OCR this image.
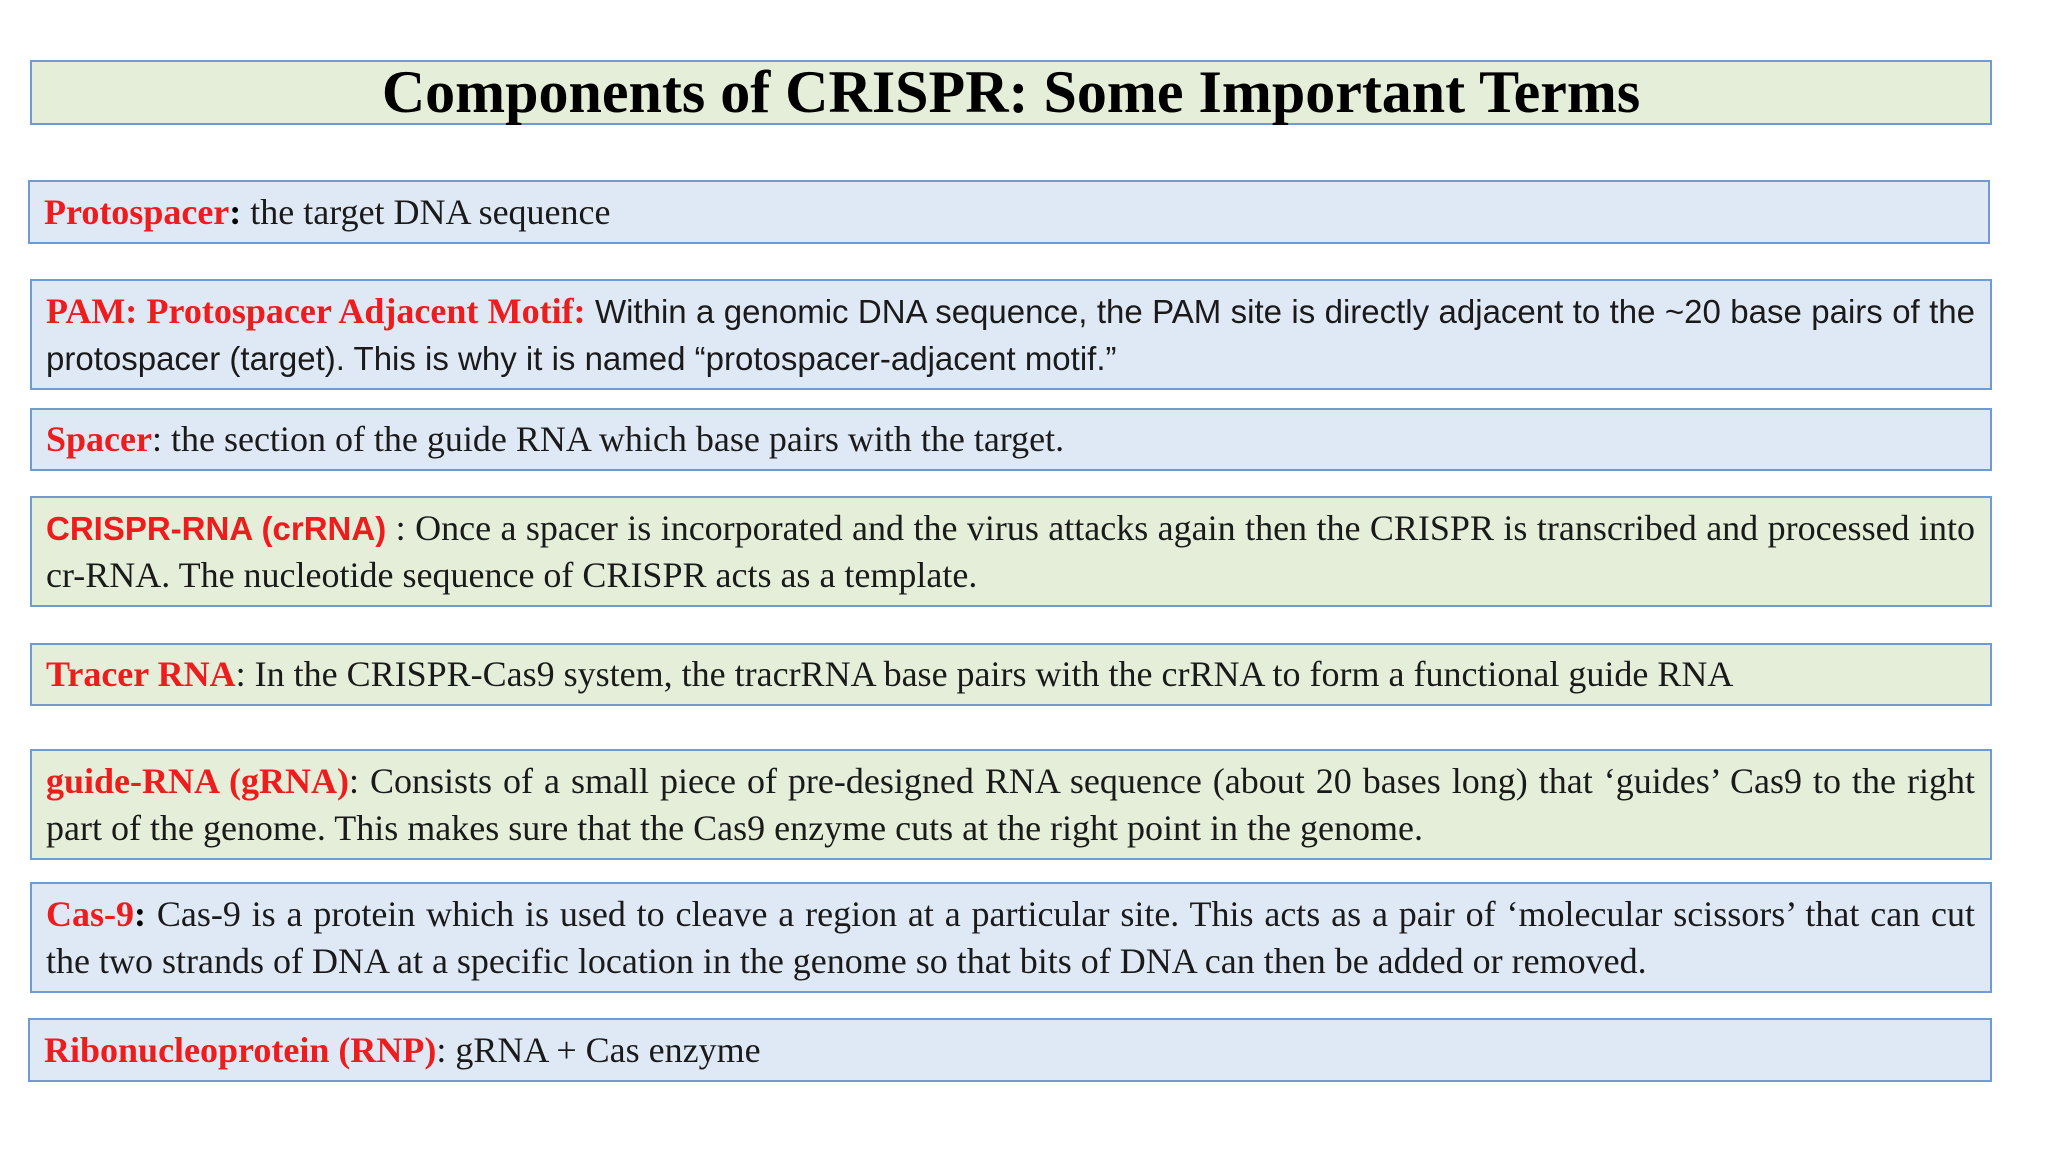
Components of CRISPR: Some Important Terms
Protospacer: the target DNA sequence
PAM: Protospacer Adjacent Motif: Within a genomic DNA sequence, the PAM site is directly adjacent to the ~20 base pairs of the protospacer (target). This is why it is named “protospacer-adjacent motif.”
Spacer: the section of the guide RNA which base pairs with the target.
CRISPR-RNA (crRNA) : Once a spacer is incorporated and the virus attacks again then the CRISPR is transcribed and processed into cr-RNA. The nucleotide sequence of CRISPR acts as a template.
Tracer RNA: In the CRISPR-Cas9 system, the tracrRNA base pairs with the crRNA to form a functional guide RNA
guide-RNA (gRNA): Consists of a small piece of pre-designed RNA sequence (about 20 bases long) that ‘guides’ Cas9 to the right part of the genome. This makes sure that the Cas9 enzyme cuts at the right point in the genome.
Cas-9: Cas-9 is a protein which is used to cleave a region at a particular site. This acts as a pair of ‘molecular scissors’ that can cut the two strands of DNA at a specific location in the genome so that bits of DNA can then be added or removed.
Ribonucleoprotein (RNP): gRNA + Cas enzyme
